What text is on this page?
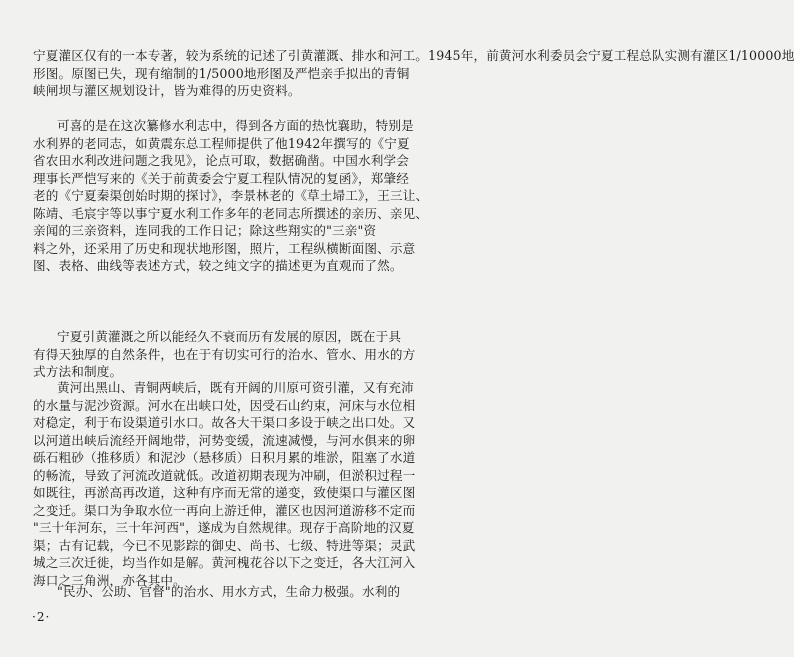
宁夏灌区仅有的一本专著，较为系统的记述了引黄灌溉、排水和河工。1945年，前黄河水利委员会宁夏工程总队实测有灌区1/10000地
形图。原图已失，现有缩制的1/5000地形图及严恺亲手拟出的青铜
峡闸坝与灌区规划设计，皆为难得的历史资料。
可喜的是在这次纂修水利志中，得到各方面的热忱襄助，特别是
水利界的老同志，如黄震东总工程师提供了他1942年撰写的《宁夏
省农田水利改进问题之我见》，论点可取，数据确凿。中国水利学会
理事长严恺写来的《关于前黄委会宁夏工程队情况的复函》，郑肇经
老的《宁夏秦渠创始时期的探讨》，李景林老的《草土埽工》，王三让、
陈靖、毛宸宇等以事宁夏水利工作多年的老同志所撰述的亲历、亲见、
亲闻的三亲资料，连同我的工作日记；除这些翔实的"三亲"资
料之外，还采用了历史和现状地形图，照片，工程纵横断面图、示意
图、表格、曲线等表述方式，较之纯文字的描述更为直观而了然。
宁夏引黄灌溉之所以能经久不衰而历有发展的原因，既在于具
有得天独厚的自然条件，也在于有切实可行的治水、管水、用水的方
式方法和制度。
黄河出黑山、青铜两峡后，既有开阔的川原可资引灌，又有充沛
的水量与泥沙资源。河水在出峡口处，因受石山约束，河床与水位相
对稳定，利于布设渠道引水口。故各大干渠口多设于峡之出口处。又
以河道出峡后流经开阔地带，河势变缓，流速减慢，与河水俱来的卵
砾石粗砂（推移质）和泥沙（悬移质）日积月累的堆淤，阻塞了水道
的畅流，导致了河流改道就低。改道初期表现为冲刷，但淤积过程一
如既往，再淤高再改道，这种有序而无常的递变，致使渠口与灌区图
之变迁。渠口为争取水位一再向上游迁伸，灌区也因河道游移不定而
"三十年河东，三十年河西"，遂成为自然规律。现存于高阶地的汉夏
渠；古有记载，今已不见影踪的御史、尚书、七级、特进等渠；灵武
城之三次迁徙，均当作如是解。黄河槐花谷以下之变迁，各大江河入
海口之三角洲，亦各其中。
"民办、公助、官督"的治水、用水方式，生命力极强。水利的
·2·
